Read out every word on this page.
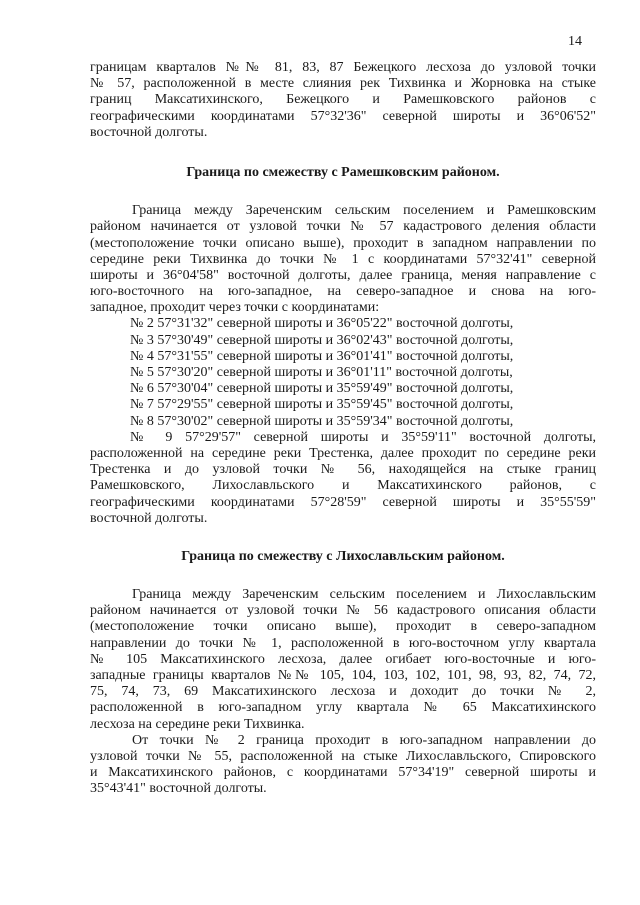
14
границам кварталов №№ 81, 83, 87 Бежецкого лесхоза до узловой точки
№ 57, расположенной в месте слияния рек Тихвинка и Жорновка на стыке
границ Максатихинского, Бежецкого и Рамешковского районов с
географическими координатами 57°32'36" северной широты и 36°06'52"
восточной долготы.
Граница по смежеству с Рамешковским районом.
Граница между Зареченским сельским поселением и Рамешковским
районом начинается от узловой точки № 57 кадастрового деления области
(местоположение точки описано выше), проходит в западном направлении по
середине реки Тихвинка до точки № 1 с координатами 57°32'41" северной
широты и 36°04'58" восточной долготы, далее граница, меняя направление с
юго-восточного на юго-западное, на северо-западное и снова на юго-
западное, проходит через точки с координатами:
№ 2 57°31'32" северной широты и 36°05'22" восточной долготы,
№ 3 57°30'49" северной широты и 36°02'43" восточной долготы,
№ 4 57°31'55" северной широты и 36°01'41" восточной долготы,
№ 5 57°30'20" северной широты и 36°01'11" восточной долготы,
№ 6 57°30'04" северной широты и 35°59'49" восточной долготы,
№ 7 57°29'55" северной широты и 35°59'45" восточной долготы,
№ 8 57°30'02" северной широты и 35°59'34" восточной долготы,
№ 9 57°29'57" северной широты и 35°59'11" восточной долготы,
расположенной на середине реки Трестенка, далее проходит по середине реки
Трестенка и до узловой точки № 56, находящейся на стыке границ
Рамешковского, Лихославльского и Максатихинского районов, с
географическими координатами 57°28'59" северной широты и 35°55'59"
восточной долготы.
Граница по смежеству с Лихославльским районом.
Граница между Зареченским сельским поселением и Лихославльским
районом начинается от узловой точки № 56 кадастрового описания области
(местоположение точки описано выше), проходит в северо-западном
направлении до точки № 1, расположенной в юго-восточном углу квартала
№ 105 Максатихинского лесхоза, далее огибает юго-восточные и юго-
западные границы кварталов №№ 105, 104, 103, 102, 101, 98, 93, 82, 74, 72,
75, 74, 73, 69 Максатихинского лесхоза и доходит до точки № 2,
расположенной в юго-западном углу квартала № 65 Максатихинского
лесхоза на середине реки Тихвинка.
От точки № 2 граница проходит в юго-западном направлении до
узловой точки № 55, расположенной на стыке Лихославльского, Спировского
и Максатихинского районов, с координатами 57°34'19" северной широты и
35°43'41" восточной долготы.
